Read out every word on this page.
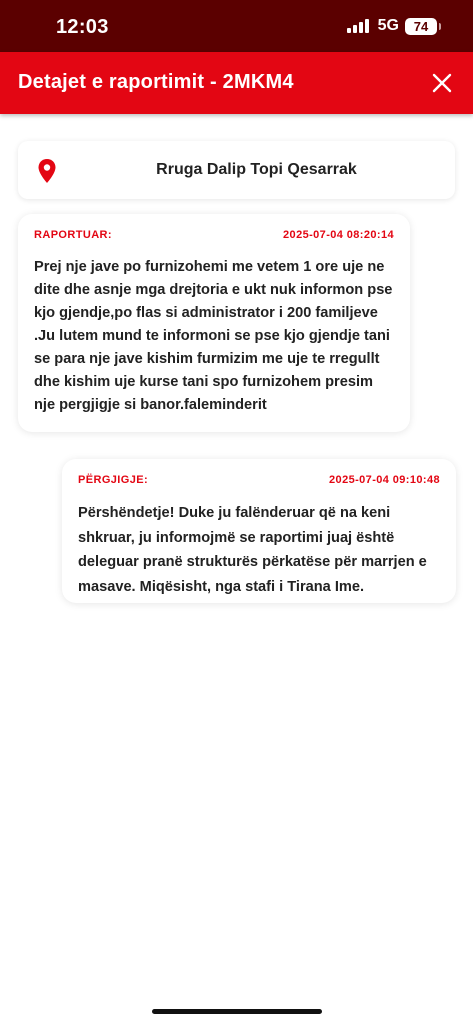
12:03	5G	74
Detajet e raportimit - 2MKM4
Rruga Dalip Topi Qesarrak
RAPORTUAR:	2025-07-04 08:20:14
Prej nje jave po furnizohemi me vetem 1 ore uje ne
dite dhe asnje mga drejtoria e ukt nuk informon pse
kjo gjendje,po flas si administrator i 200 familjeve
.Ju lutem mund te informoni se pse kjo gjendje tani
se para nje jave kishim furmizim me uje te rregullt
dhe kishim uje kurse tani spo furnizohem presim
nje pergjigje si banor.faleminderit
PËRGJIGJE:	2025-07-04 09:10:48
Përshëndetje! Duke ju falënderuar që na keni
shkruar, ju informojmë se raportimi juaj është
deleguar pranë strukturës përkatëse për marrjen e
masave. Miqësisht, nga stafi i Tirana Ime.
